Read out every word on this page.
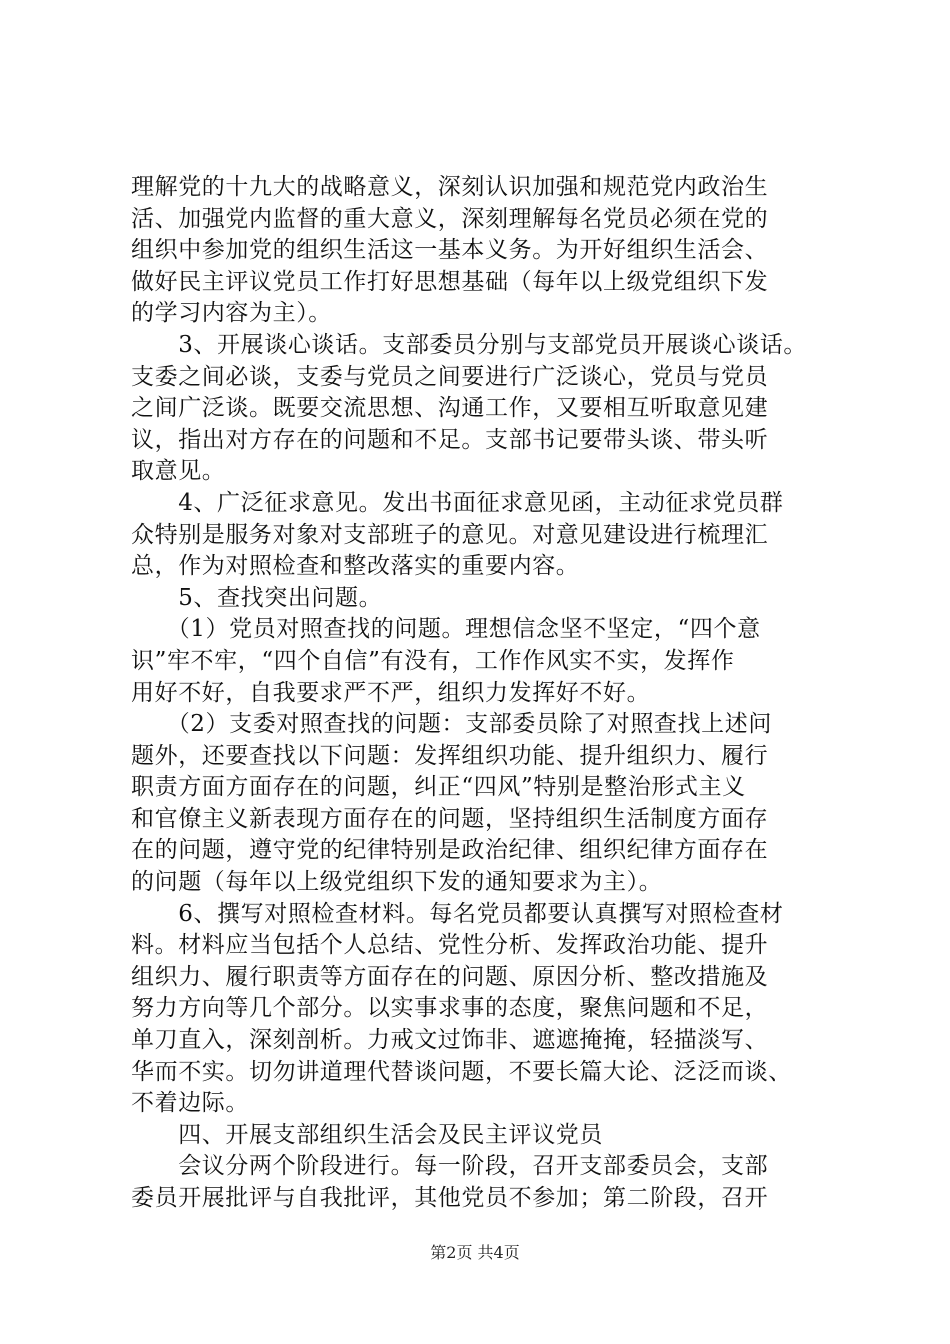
理解党的十九大的战略意义，深刻认识加强和规范党内政治生
活、加强党内监督的重大意义，深刻理解每名党员必须在党的
组织中参加党的组织生活这一基本义务。为开好组织生活会、
做好民主评议党员工作打好思想基础（每年以上级党组织下发
的学习内容为主）。
　　3、开展谈心谈话。支部委员分别与支部党员开展谈心谈话。
支委之间必谈，支委与党员之间要进行广泛谈心，党员与党员
之间广泛谈。既要交流思想、沟通工作，又要相互听取意见建
议，指出对方存在的问题和不足。支部书记要带头谈、带头听
取意见。
　　4、广泛征求意见。发出书面征求意见函，主动征求党员群
众特别是服务对象对支部班子的意见。对意见建设进行梳理汇
总，作为对照检查和整改落实的重要内容。
　　5、查找突出问题。
　　（1）党员对照查找的问题。理想信念坚不坚定，“四个意
识”牢不牢，“四个自信”有没有，工作作风实不实，发挥作
用好不好，自我要求严不严，组织力发挥好不好。
　　（2）支委对照查找的问题：支部委员除了对照查找上述问
题外，还要查找以下问题：发挥组织功能、提升组织力、履行
职责方面方面存在的问题，纠正“四风”特别是整治形式主义
和官僚主义新表现方面存在的问题，坚持组织生活制度方面存
在的问题，遵守党的纪律特别是政治纪律、组织纪律方面存在
的问题（每年以上级党组织下发的通知要求为主）。
　　6、撰写对照检查材料。每名党员都要认真撰写对照检查材
料。材料应当包括个人总结、党性分析、发挥政治功能、提升
组织力、履行职责等方面存在的问题、原因分析、整改措施及
努力方向等几个部分。以实事求事的态度，聚焦问题和不足，
单刀直入，深刻剖析。力戒文过饰非、遮遮掩掩，轻描淡写、
华而不实。切勿讲道理代替谈问题，不要长篇大论、泛泛而谈、
不着边际。
　　四、开展支部组织生活会及民主评议党员
　　会议分两个阶段进行。每一阶段，召开支部委员会，支部
委员开展批评与自我批评，其他党员不参加；第二阶段，召开
第2页 共4页
